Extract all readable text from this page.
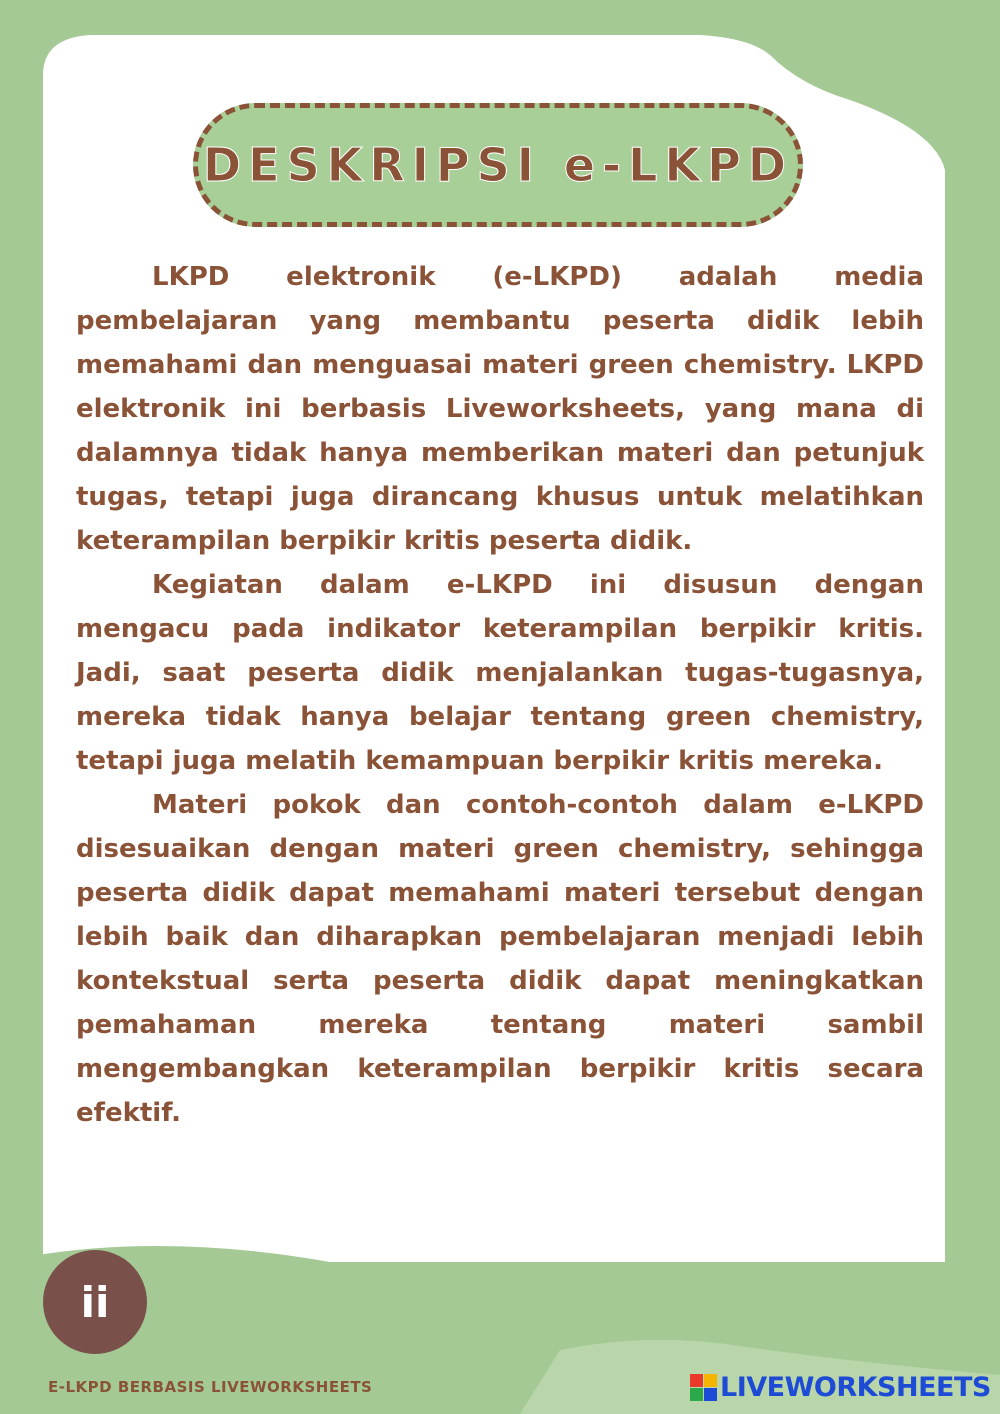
DESKRIPSI e-LKPD

LKPD elektronik (e-LKPD) adalah media pembelajaran yang membantu peserta didik lebih memahami dan menguasai materi green chemistry. LKPD elektronik ini berbasis Liveworksheets, yang mana di dalamnya tidak hanya memberikan materi dan petunjuk tugas, tetapi juga dirancang khusus untuk melatihkan keterampilan berpikir kritis peserta didik.

Kegiatan dalam e-LKPD ini disusun dengan mengacu pada indikator keterampilan berpikir kritis. Jadi, saat peserta didik menjalankan tugas-tugasnya, mereka tidak hanya belajar tentang green chemistry, tetapi juga melatih kemampuan berpikir kritis mereka.

Materi pokok dan contoh-contoh dalam e-LKPD disesuaikan dengan materi green chemistry, sehingga peserta didik dapat memahami materi tersebut dengan lebih baik dan diharapkan pembelajaran menjadi lebih kontekstual serta peserta didik dapat meningkatkan pemahaman mereka tentang materi sambil mengembangkan keterampilan berpikir kritis secara efektif.

ii
E-LKPD BERBASIS LIVEWORKSHEETS	LIVEWORKSHEETS
